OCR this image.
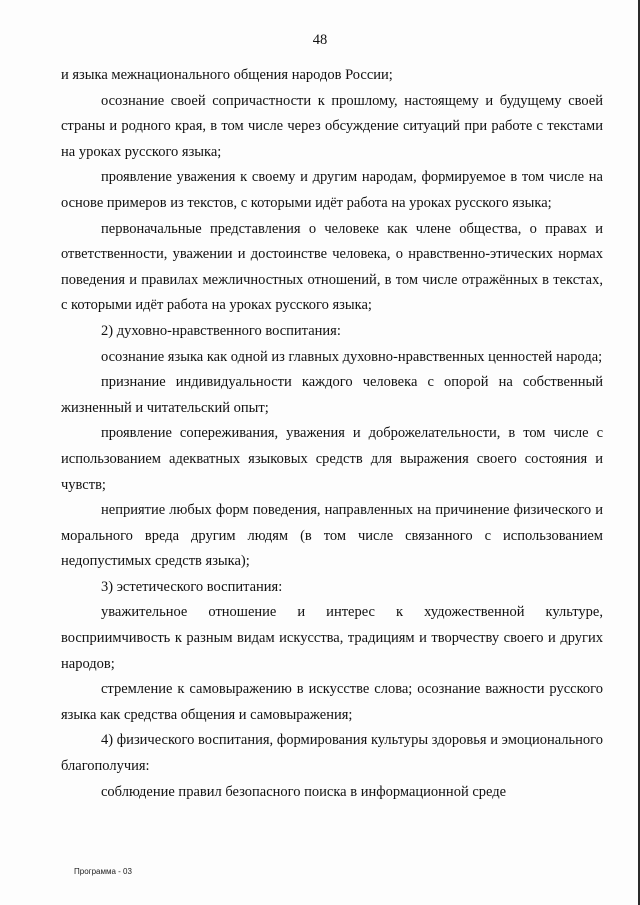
48

и языка межнационального общения народов России;

осознание своей сопричастности к прошлому, настоящему и будущему своей страны и родного края, в том числе через обсуждение ситуаций при работе с текстами на уроках русского языка;

проявление уважения к своему и другим народам, формируемое в том числе на основе примеров из текстов, с которыми идёт работа на уроках русского языка;

первоначальные представления о человеке как члене общества, о правах и ответственности, уважении и достоинстве человека, о нравственно-этических нормах поведения и правилах межличностных отношений, в том числе отражённых в текстах, с которыми идёт работа на уроках русского языка;

2) духовно-нравственного воспитания:

осознание языка как одной из главных духовно-нравственных ценностей народа;

признание индивидуальности каждого человека с опорой на собственный жизненный и читательский опыт;

проявление сопереживания, уважения и доброжелательности, в том числе с использованием адекватных языковых средств для выражения своего состояния и чувств;

неприятие любых форм поведения, направленных на причинение физического и морального вреда другим людям (в том числе связанного с использованием недопустимых средств языка);

3) эстетического воспитания:

уважительное отношение и интерес к художественной культуре, восприимчивость к разным видам искусства, традициям и творчеству своего и других народов;

стремление к самовыражению в искусстве слова; осознание важности русского языка как средства общения и самовыражения;

4) физического воспитания, формирования культуры здоровья и эмоционального благополучия:

соблюдение правил безопасного поиска в информационной среде

Программа - 03
